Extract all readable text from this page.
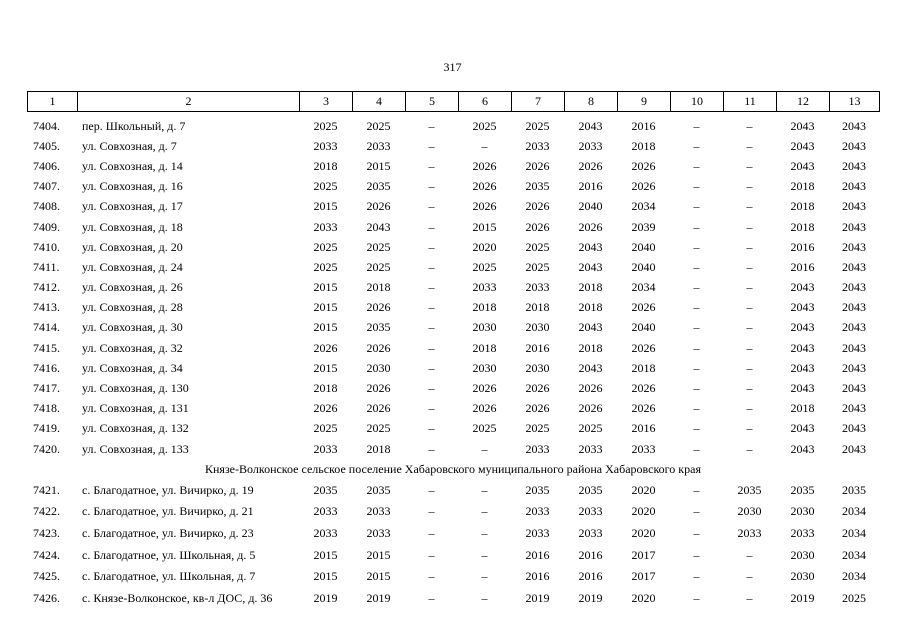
317
1	2	3	4	5	6	7	8	9	10	11	12	13
7404.	пер. Школьный, д. 7	2025	2025	–	2025	2025	2043	2016	–	–	2043	2043
7405.	ул. Совхозная, д. 7	2033	2033	–	–	2033	2033	2018	–	–	2043	2043
7406.	ул. Совхозная, д. 14	2018	2015	–	2026	2026	2026	2026	–	–	2043	2043
7407.	ул. Совхозная, д. 16	2025	2035	–	2026	2035	2016	2026	–	–	2018	2043
7408.	ул. Совхозная, д. 17	2015	2026	–	2026	2026	2040	2034	–	–	2018	2043
7409.	ул. Совхозная, д. 18	2033	2043	–	2015	2026	2026	2039	–	–	2018	2043
7410.	ул. Совхозная, д. 20	2025	2025	–	2020	2025	2043	2040	–	–	2016	2043
7411.	ул. Совхозная, д. 24	2025	2025	–	2025	2025	2043	2040	–	–	2016	2043
7412.	ул. Совхозная, д. 26	2015	2018	–	2033	2033	2018	2034	–	–	2043	2043
7413.	ул. Совхозная, д. 28	2015	2026	–	2018	2018	2018	2026	–	–	2043	2043
7414.	ул. Совхозная, д. 30	2015	2035	–	2030	2030	2043	2040	–	–	2043	2043
7415.	ул. Совхозная, д. 32	2026	2026	–	2018	2016	2018	2026	–	–	2043	2043
7416.	ул. Совхозная, д. 34	2015	2030	–	2030	2030	2043	2018	–	–	2043	2043
7417.	ул. Совхозная, д. 130	2018	2026	–	2026	2026	2026	2026	–	–	2043	2043
7418.	ул. Совхозная, д. 131	2026	2026	–	2026	2026	2026	2026	–	–	2018	2043
7419.	ул. Совхозная, д. 132	2025	2025	–	2025	2025	2025	2016	–	–	2043	2043
7420.	ул. Совхозная, д. 133	2033	2018	–	–	2033	2033	2033	–	–	2043	2043
Князе-Волконское сельское поселение Хабаровского муниципального района Хабаровского края												
7421.	с. Благодатное, ул. Вичирко, д. 19	2035	2035	–	–	2035	2035	2020	–	2035	2035	2035
7422.	с. Благодатное, ул. Вичирко, д. 21	2033	2033	–	–	2033	2033	2020	–	2030	2030	2034
7423.	с. Благодатное, ул. Вичирко, д. 23	2033	2033	–	–	2033	2033	2020	–	2033	2033	2034
7424.	с. Благодатное, ул. Школьная, д. 5	2015	2015	–	–	2016	2016	2017	–	–	2030	2034
7425.	с. Благодатное, ул. Школьная, д. 7	2015	2015	–	–	2016	2016	2017	–	–	2030	2034
7426.	с. Князе-Волконское, кв-л ДОС, д. 36	2019	2019	–	–	2019	2019	2020	–	–	2019	2025
